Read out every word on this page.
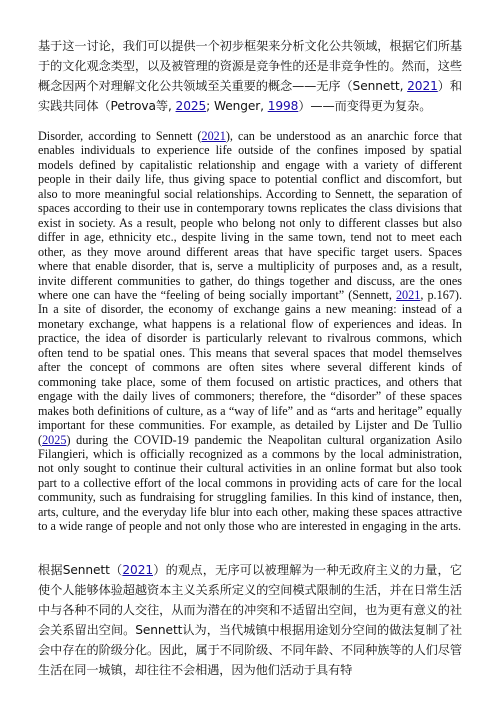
基于这一讨论，我们可以提供一个初步框架来分析文化公共领域，根据它们所基于的文化观念类型，以及被管理的资源是竞争性的还是非竞争性的。然而，这些概念因两个对理解文化公共领域至关重要的概念——无序（Sennett, 2021）和实践共同体（Petrova等, 2025; Wenger, 1998）——而变得更为复杂。

Disorder, according to Sennett (2021), can be understood as an anarchic force that enables individuals to experience life outside of the confines imposed by spatial models defined by capitalistic relationship and engage with a variety of different people in their daily life, thus giving space to potential conflict and discomfort, but also to more meaningful social relationships. According to Sennett, the separation of spaces according to their use in contemporary towns replicates the class divisions that exist in society. As a result, people who belong not only to different classes but also differ in age, ethnicity etc., despite living in the same town, tend not to meet each other, as they move around different areas that have specific target users. Spaces where that enable disorder, that is, serve a multiplicity of purposes and, as a result, invite different communities to gather, do things together and discuss, are the ones where one can have the “feeling of being socially important” (Sennett, 2021, p.167). In a site of disorder, the economy of exchange gains a new meaning: instead of a monetary exchange, what happens is a relational flow of experiences and ideas. In practice, the idea of disorder is particularly relevant to rivalrous commons, which often tend to be spatial ones. This means that several spaces that model themselves after the concept of commons are often sites where several different kinds of commoning take place, some of them focused on artistic practices, and others that engage with the daily lives of commoners; therefore, the “disorder” of these spaces makes both definitions of culture, as a “way of life” and as “arts and heritage” equally important for these communities. For example, as detailed by Lijster and De Tullio (2025) during the COVID-19 pandemic the Neapolitan cultural organization Asilo Filangieri, which is officially recognized as a commons by the local administration, not only sought to continue their cultural activities in an online format but also took part to a collective effort of the local commons in providing acts of care for the local community, such as fundraising for struggling families. In this kind of instance, then, arts, culture, and the everyday life blur into each other, making these spaces attractive to a wide range of people and not only those who are interested in engaging in the arts.

根据Sennett（2021）的观点，无序可以被理解为一种无政府主义的力量，它使个人能够体验超越资本主义关系所定义的空间模式限制的生活，并在日常生活中与各种不同的人交往，从而为潜在的冲突和不适留出空间，也为更有意义的社会关系留出空间。Sennett认为，当代城镇中根据用途划分空间的做法复制了社会中存在的阶级分化。因此，属于不同阶级、不同年龄、不同种族等的人们尽管生活在同一城镇，却往往不会相遇，因为他们活动于具有特
